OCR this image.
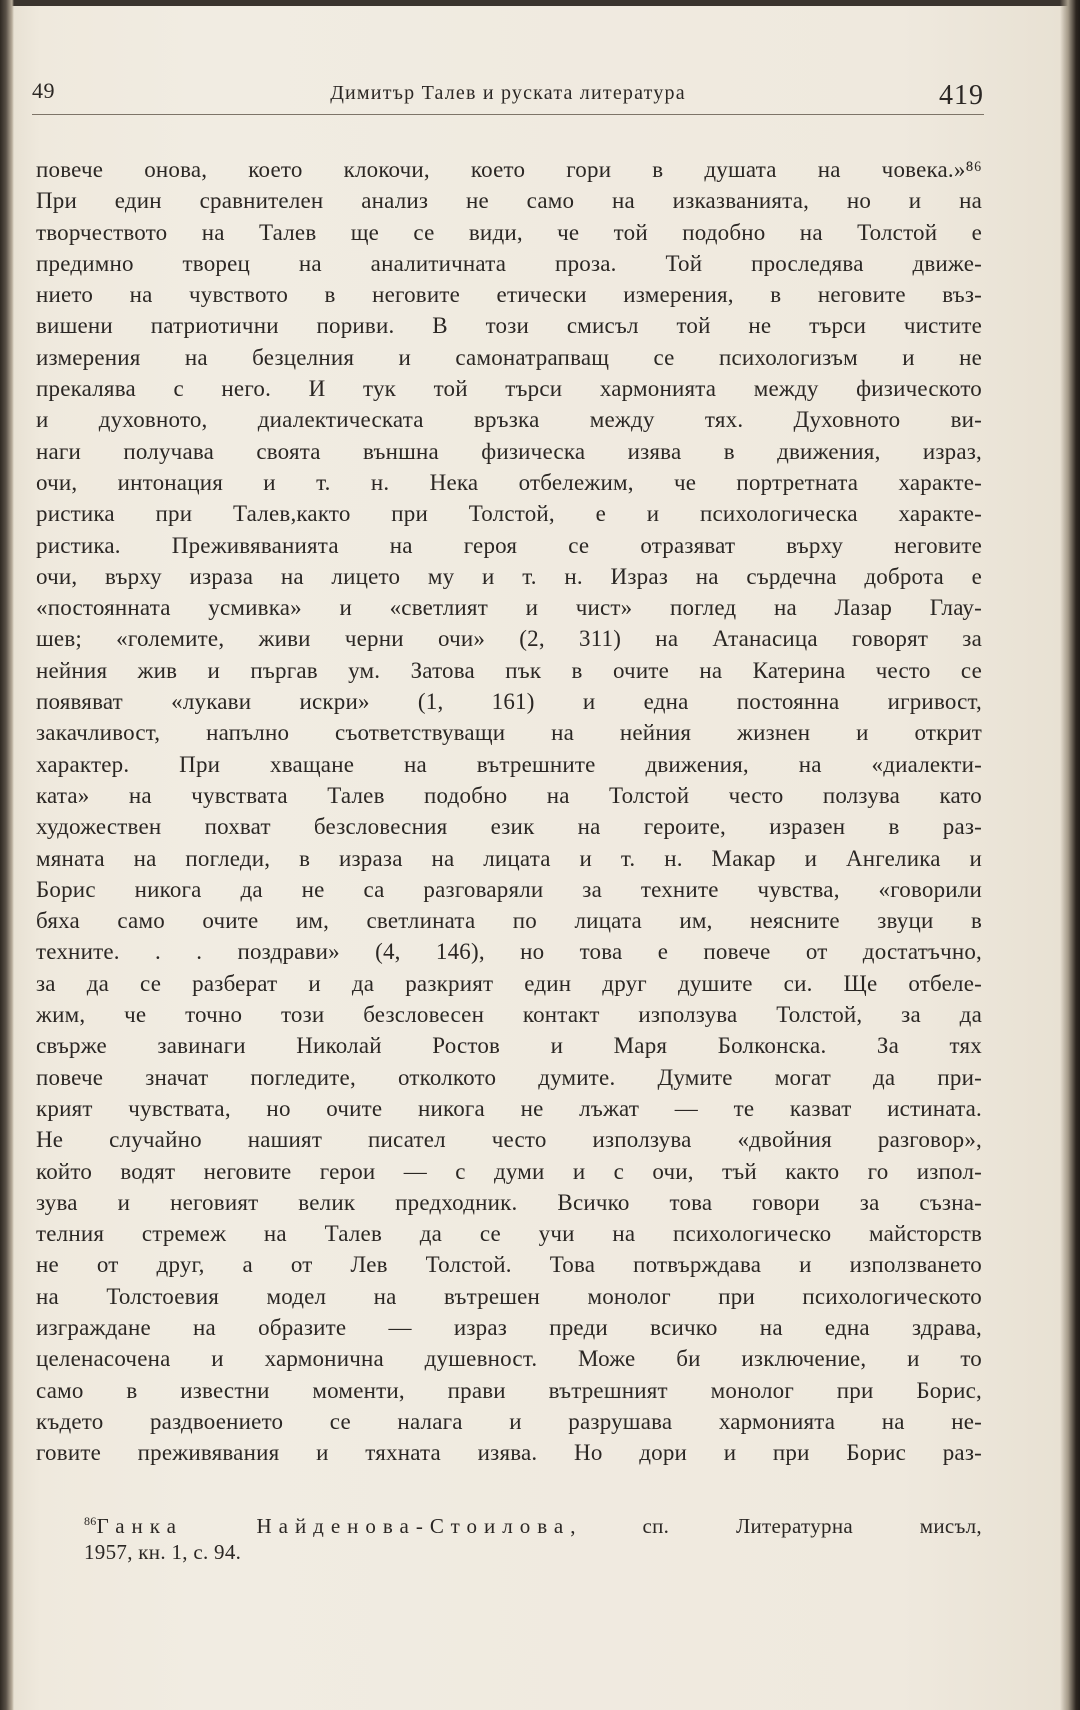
49	Димитър Талев и руската литература	419
повече онова, което клокочи, което гори в душата на човека.»⁸⁶
При един сравнителен анализ не само на изказванията, но и на
творчеството на Талев ще се види, че той подобно на Толстой е
предимно творец на аналитичната проза. Той проследява движе-
нието на чувството в неговите етически измерения, в неговите въз-
вишени патриотични пориви. В този смисъл той не търси чистите
измерения на безцелния и самонатрапващ се психологизъм и не
прекалява с него. И тук той търси хармонията между физическото
и духовното, диалектическата връзка между тях. Духовното ви-
наги получава своята външна физическа изява в движения, израз,
очи, интонация и т. н. Нека отбележим, че портретната характе-
ристика при Талев,както при Толстой, е и психологическа характе-
ристика. Преживяванията на героя се отразяват върху неговите
очи, върху израза на лицето му и т. н. Израз на сърдечна доброта е
«постоянната усмивка» и «светлият и чист» поглед на Лазар Глау-
шев; «големите, живи черни очи» (2, 311) на Атанасица говорят за
нейния жив и пъргав ум. Затова пък в очите на Катерина често се
появяват «лукави искри» (1, 161) и една постоянна игривост,
закачливост, напълно съответствуващи на нейния жизнен и открит
характер. При хващане на вътрешните движения, на «диалекти-
ката» на чувствата Талев подобно на Толстой често ползува като
художествен похват безсловесния език на героите, изразен в раз-
мяната на погледи, в израза на лицата и т. н. Макар и Ангелика и
Борис никога да не са разговаряли за техните чувства, «говорили
бяха само очите им, светлината по лицата им, неясните звуци в
техните. . . поздрави» (4, 146), но това е повече от достатъчно,
за да се разберат и да разкрият един друг душите си. Ще отбеле-
жим, че точно този безсловесен контакт използува Толстой, за да
свърже завинаги Николай Ростов и Маря Болконска. За тях
повече значат погледите, отколкото думите. Думите могат да при-
крият чувствата, но очите никога не лъжат — те казват истината.
Не случайно нашият писател често използува «двойния разговор»,
който водят неговите герои — с думи и с очи, тъй както го изпол-
зува и неговият велик предходник. Всичко това говори за съзна-
телния стремеж на Талев да се учи на психологическо майсторств
не от друг, а от Лев Толстой. Това потвърждава и използването
на Толстоевия модел на вътрешен монолог при психологическото
изграждане на образите — израз преди всичко на една здрава,
целенасочена и хармонична душевност. Може би изключение, и то
само в известни моменти, прави вътрешният монолог при Борис,
където раздвоението се налага и разрушава хармонията на не-
говите преживявания и тяхната изява. Но дори и при Борис раз-
$^{86}$Ганка Найденова-Стоилова, сп. Литературна мисъл,
1957, кн. 1, с. 94.
